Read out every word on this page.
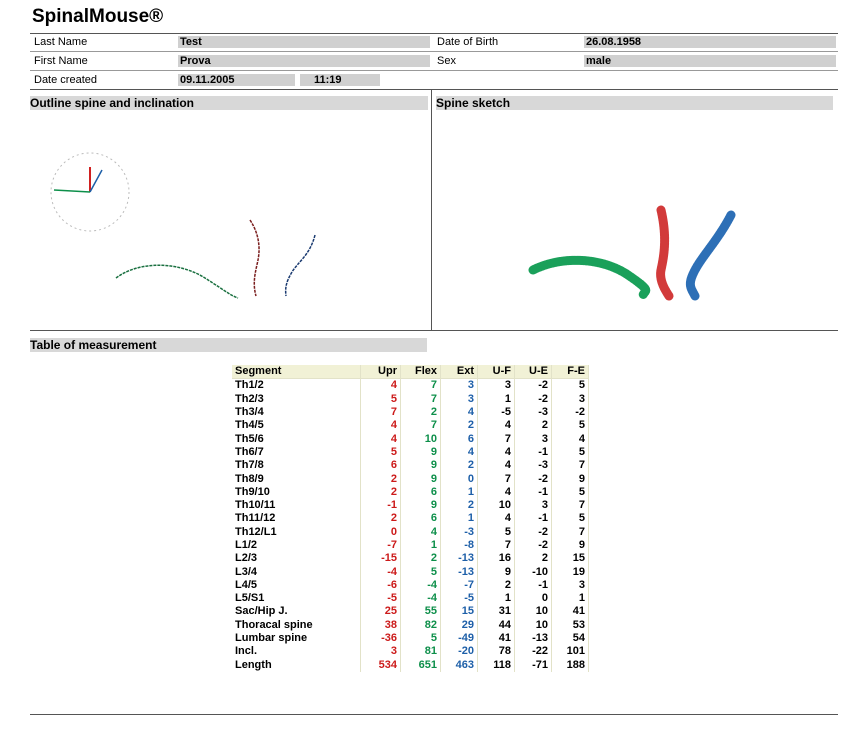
SpinalMouse®
Last Name	Test	Date of Birth	26.08.1958
First Name	Prova	Sex	male
Date created	09.11.2005	11:19
Outline spine and inclination	Spine sketch
Table of measurement
Segment	Upr	Flex	Ext	U-F	U-E	F-E
Th1/2	4	7	3	3	-2	5
Th2/3	5	7	3	1	-2	3
Th3/4	7	2	4	-5	-3	-2
Th4/5	4	7	2	4	2	5
Th5/6	4	10	6	7	3	4
Th6/7	5	9	4	4	-1	5
Th7/8	6	9	2	4	-3	7
Th8/9	2	9	0	7	-2	9
Th9/10	2	6	1	4	-1	5
Th10/11	-1	9	2	10	3	7
Th11/12	2	6	1	4	-1	5
Th12/L1	0	4	-3	5	-2	7
L1/2	-7	1	-8	7	-2	9
L2/3	-15	2	-13	16	2	15
L3/4	-4	5	-13	9	-10	19
L4/5	-6	-4	-7	2	-1	3
L5/S1	-5	-4	-5	1	0	1
Sac/Hip J.	25	55	15	31	10	41
Thoracal spine	38	82	29	44	10	53
Lumbar spine	-36	5	-49	41	-13	54
Incl.	3	81	-20	78	-22	101
Length	534	651	463	118	-71	188
